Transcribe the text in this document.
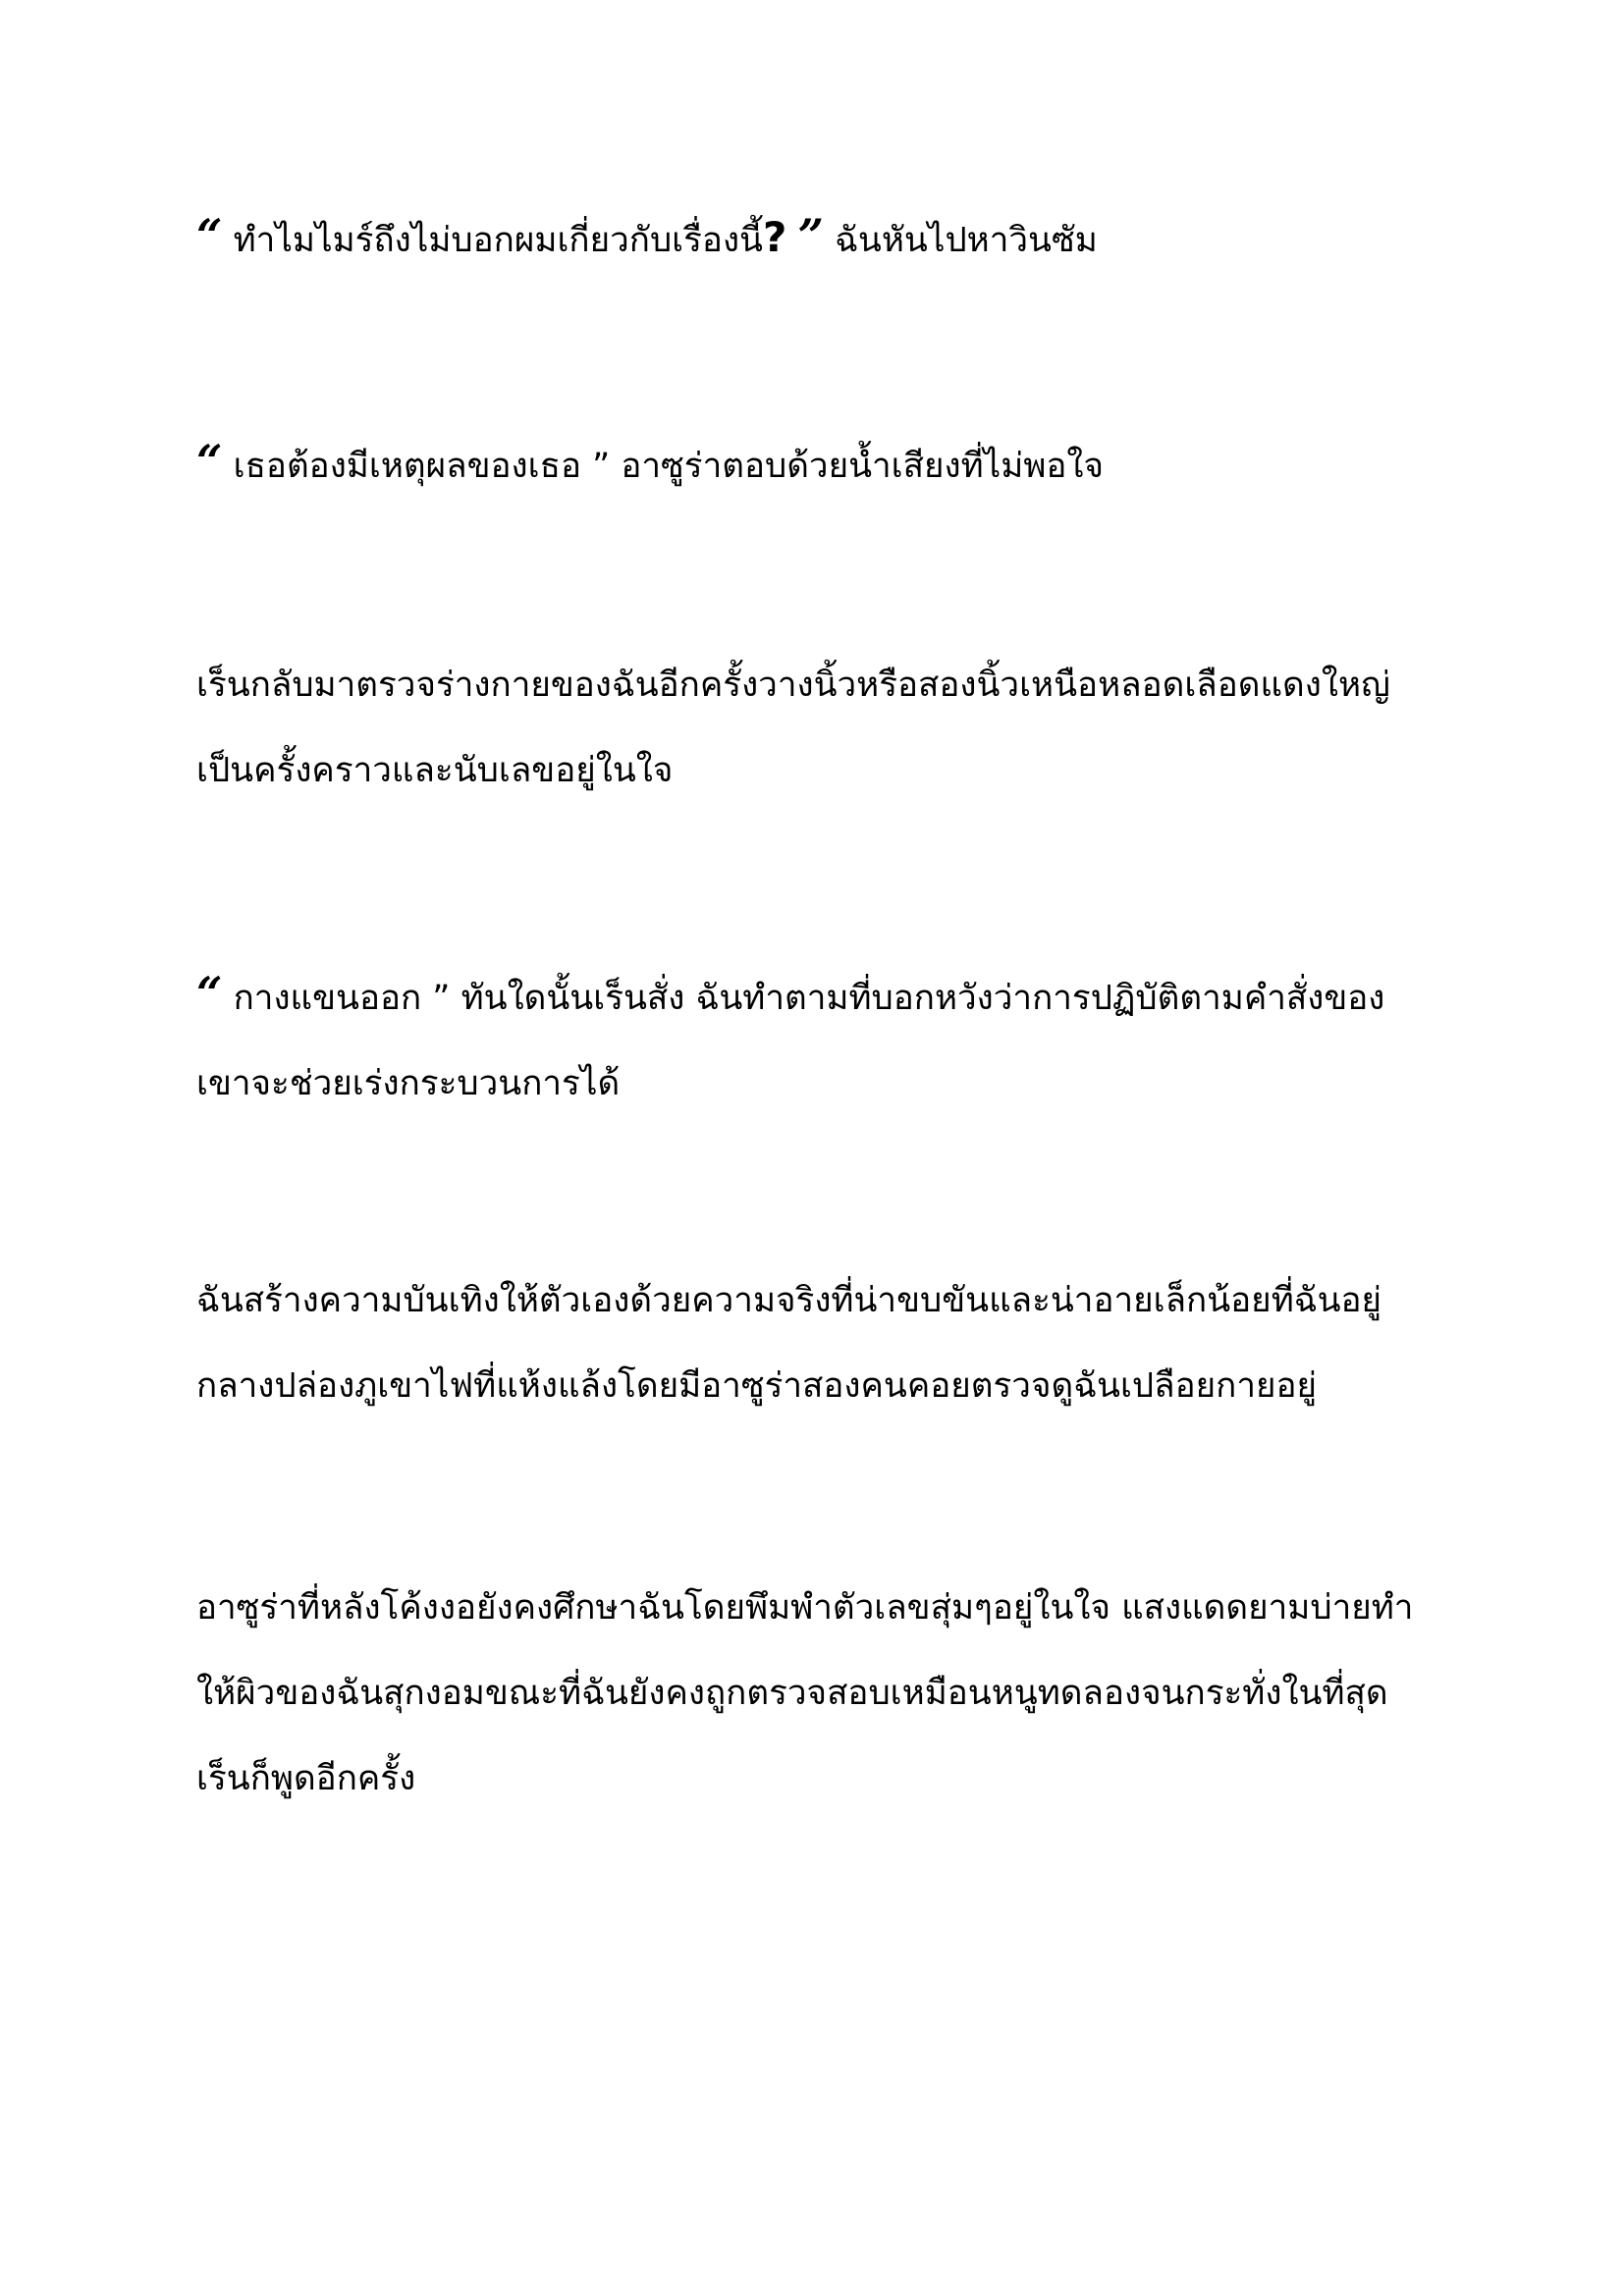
“ ทำไมไมร์ถึงไม่บอกผมเกี่ยวกับเรื่องนี้? ” ฉันหันไปหาวินซัม

“ เธอต้องมีเหตุผลของเธอ ” อาซูร่าตอบด้วยน้ำเสียงที่ไม่พอใจ

เร็นกลับมาตรวจร่างกายของฉันอีกครั้งวางนิ้วหรือสองนิ้วเหนือหลอดเลือดแดงใหญ่
เป็นครั้งคราวและนับเลขอยู่ในใจ

“ กางแขนออก ” ทันใดนั้นเร็นสั่ง ฉันทำตามที่บอกหวังว่าการปฏิบัติตามคำสั่งของ
เขาจะช่วยเร่งกระบวนการได้

ฉันสร้างความบันเทิงให้ตัวเองด้วยความจริงที่น่าขบขันและน่าอายเล็กน้อยที่ฉันอยู่
กลางปล่องภูเขาไฟที่แห้งแล้งโดยมีอาซูร่าสองคนคอยตรวจดูฉันเปลือยกายอยู่

อาซูร่าที่หลังโค้งงอยังคงศึกษาฉันโดยพึมพำตัวเลขสุ่มๆอยู่ในใจ แสงแดดยามบ่ายทำ
ให้ผิวของฉันสุกงอมขณะที่ฉันยังคงถูกตรวจสอบเหมือนหนูทดลองจนกระทั่งในที่สุด
เร็นก็พูดอีกครั้ง
